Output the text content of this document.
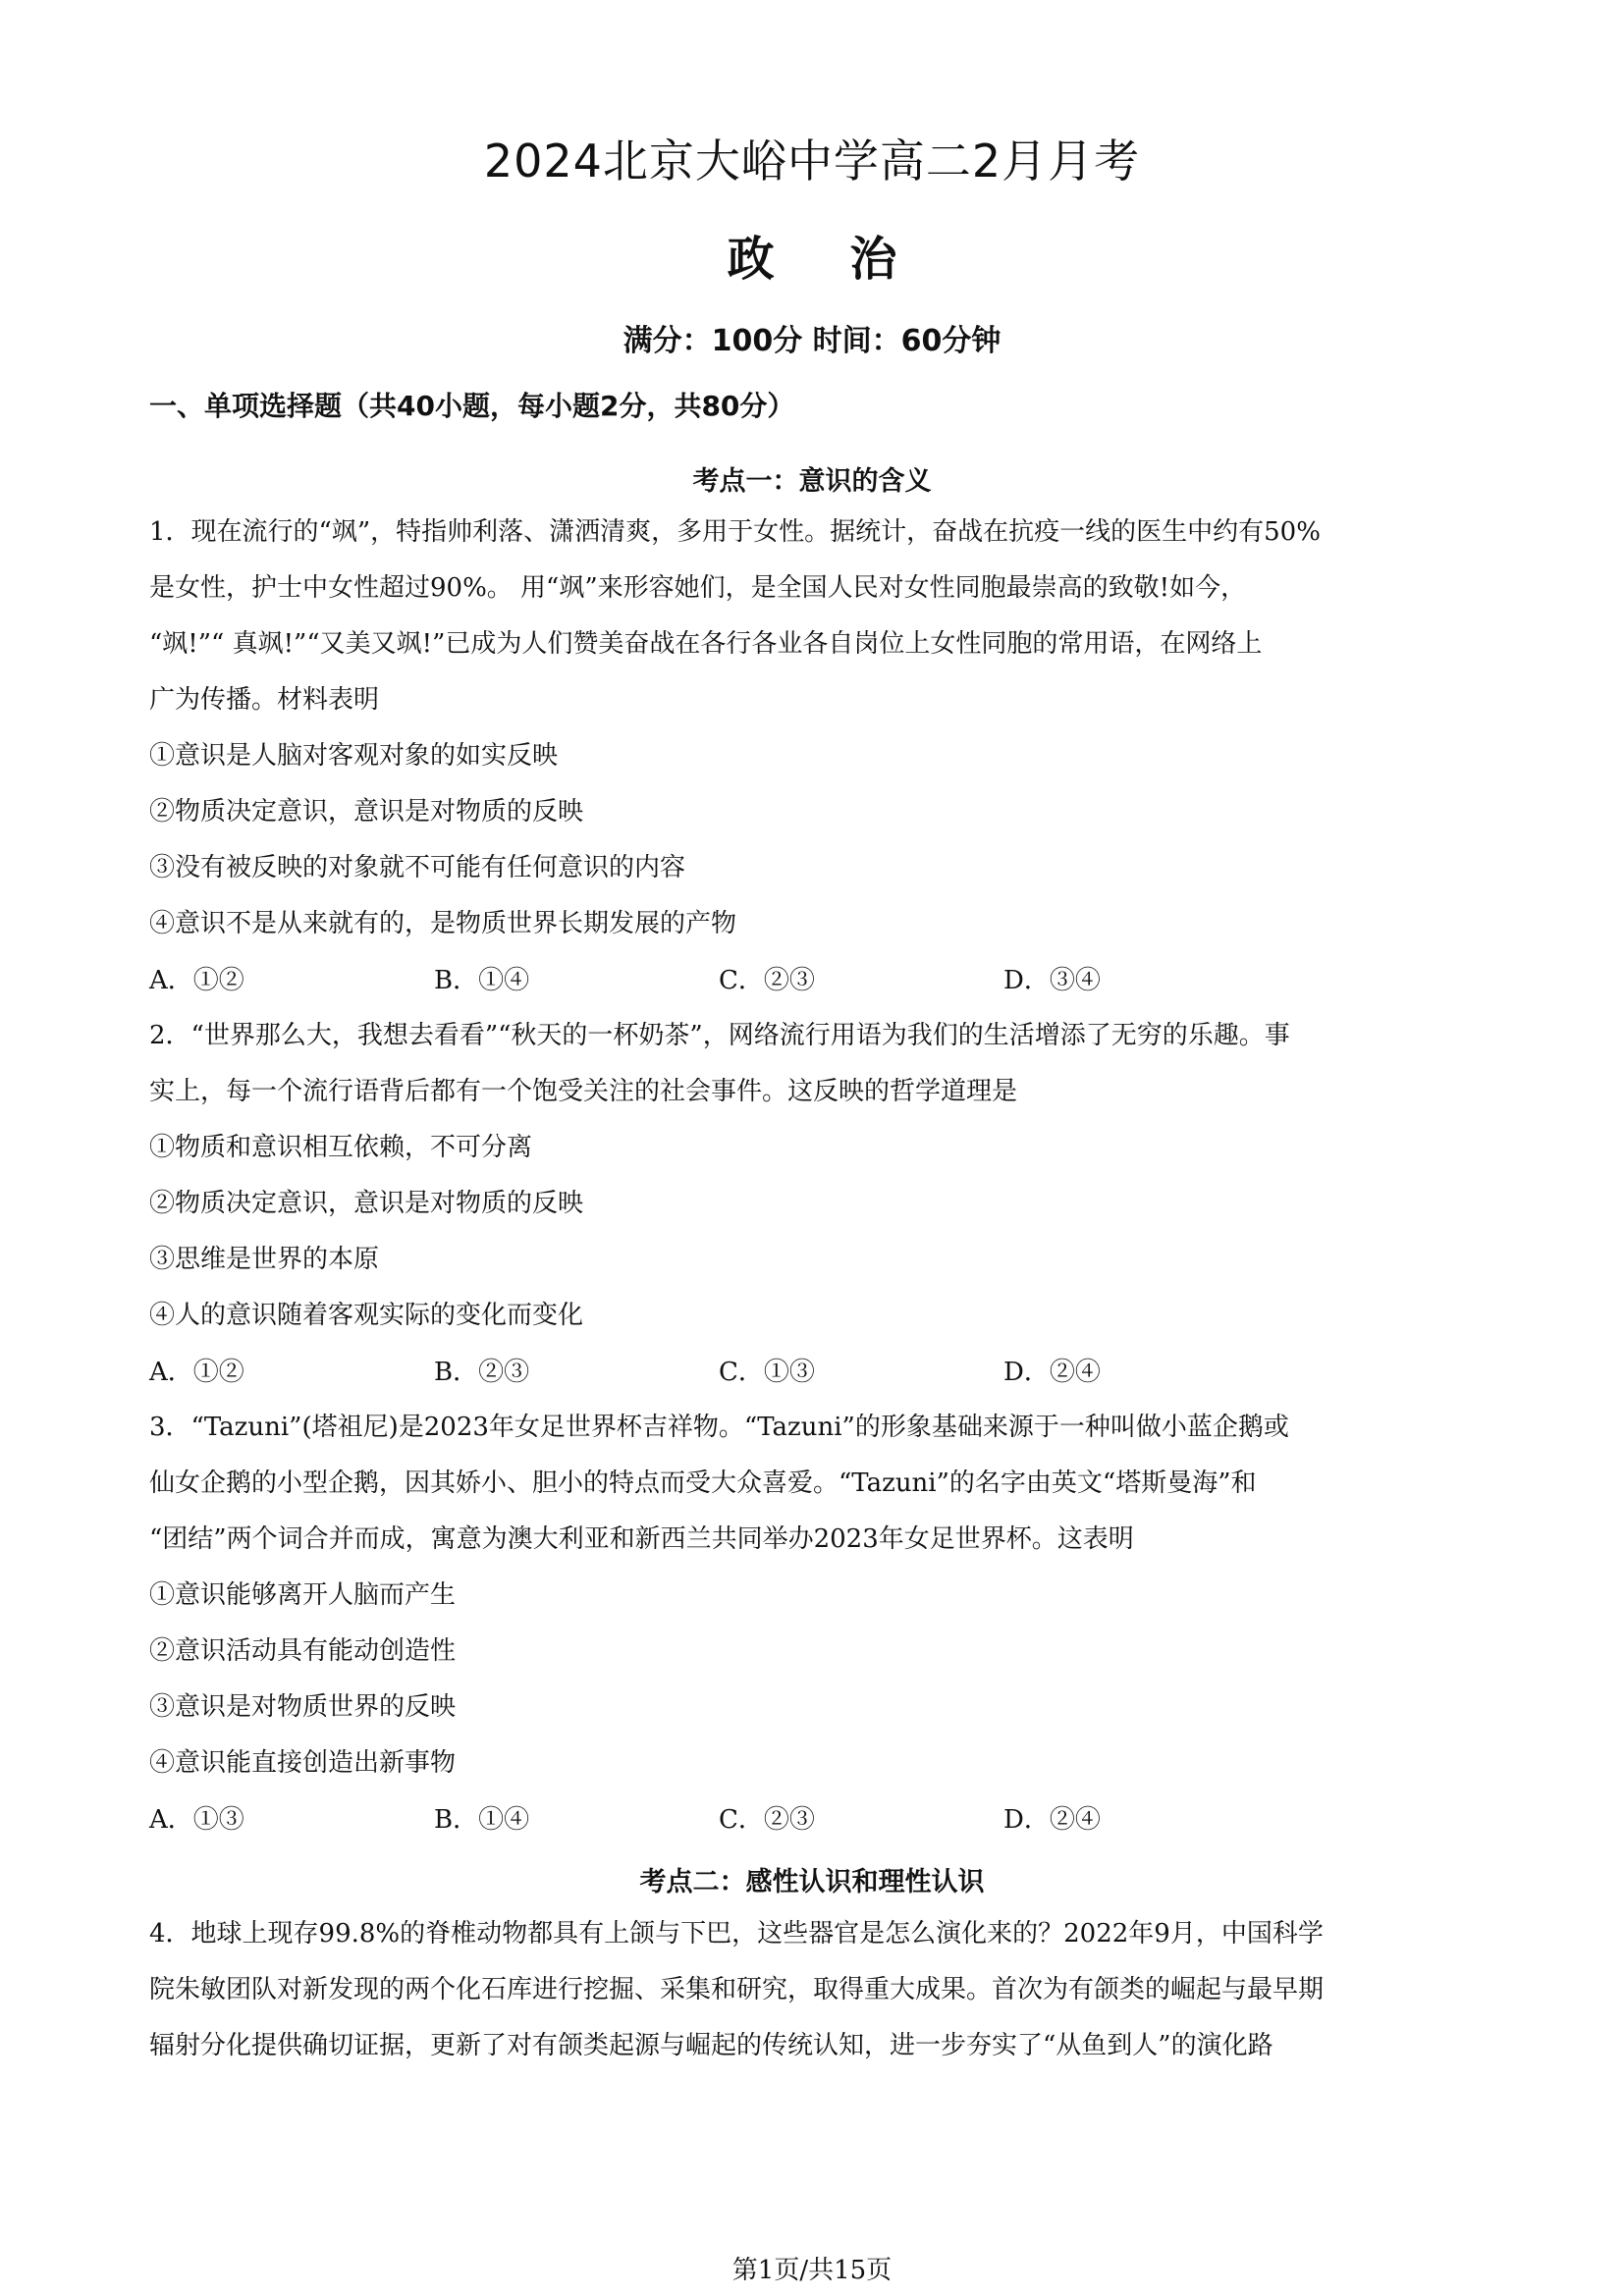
2024北京大峪中学高二2月月考
政 治
满分：100分 时间：60分钟
一、单项选择题（共40小题，每小题2分，共80分）
考点一：意识的含义
1．现在流行的“飒”，特指帅利落、潇洒清爽，多用于女性。据统计，奋战在抗疫一线的医生中约有50%
是女性，护士中女性超过90%。 用“飒”来形容她们，是全国人民对女性同胞最崇高的致敬!如今，
“飒!”“ 真飒!”“又美又飒!”已成为人们赞美奋战在各行各业各自岗位上女性同胞的常用语，在网络上
广为传播。材料表明
①意识是人脑对客观对象的如实反映
②物质决定意识，意识是对物质的反映
③没有被反映的对象就不可能有任何意识的内容
④意识不是从来就有的，是物质世界长期发展的产物
A．①②	B．①④	C．②③	D．③④
2．“世界那么大，我想去看看”“秋天的一杯奶茶”，网络流行用语为我们的生活增添了无穷的乐趣。事
实上，每一个流行语背后都有一个饱受关注的社会事件。这反映的哲学道理是
①物质和意识相互依赖，不可分离
②物质决定意识，意识是对物质的反映
③思维是世界的本原
④人的意识随着客观实际的变化而变化
A．①②	B．②③	C．①③	D．②④
3．“Tazuni”(塔祖尼)是2023年女足世界杯吉祥物。“Tazuni”的形象基础来源于一种叫做小蓝企鹅或
仙女企鹅的小型企鹅，因其娇小、胆小的特点而受大众喜爱。“Tazuni”的名字由英文“塔斯曼海”和
“团结”两个词合并而成，寓意为澳大利亚和新西兰共同举办2023年女足世界杯。这表明
①意识能够离开人脑而产生
②意识活动具有能动创造性
③意识是对物质世界的反映
④意识能直接创造出新事物
A．①③	B．①④	C．②③	D．②④
考点二：感性认识和理性认识
4．地球上现存99.8%的脊椎动物都具有上颌与下巴，这些器官是怎么演化来的？2022年9月，中国科学
院朱敏团队对新发现的两个化石库进行挖掘、采集和研究，取得重大成果。首次为有颌类的崛起与最早期
辐射分化提供确切证据，更新了对有颌类起源与崛起的传统认知，进一步夯实了“从鱼到人”的演化路
第1页/共15页
